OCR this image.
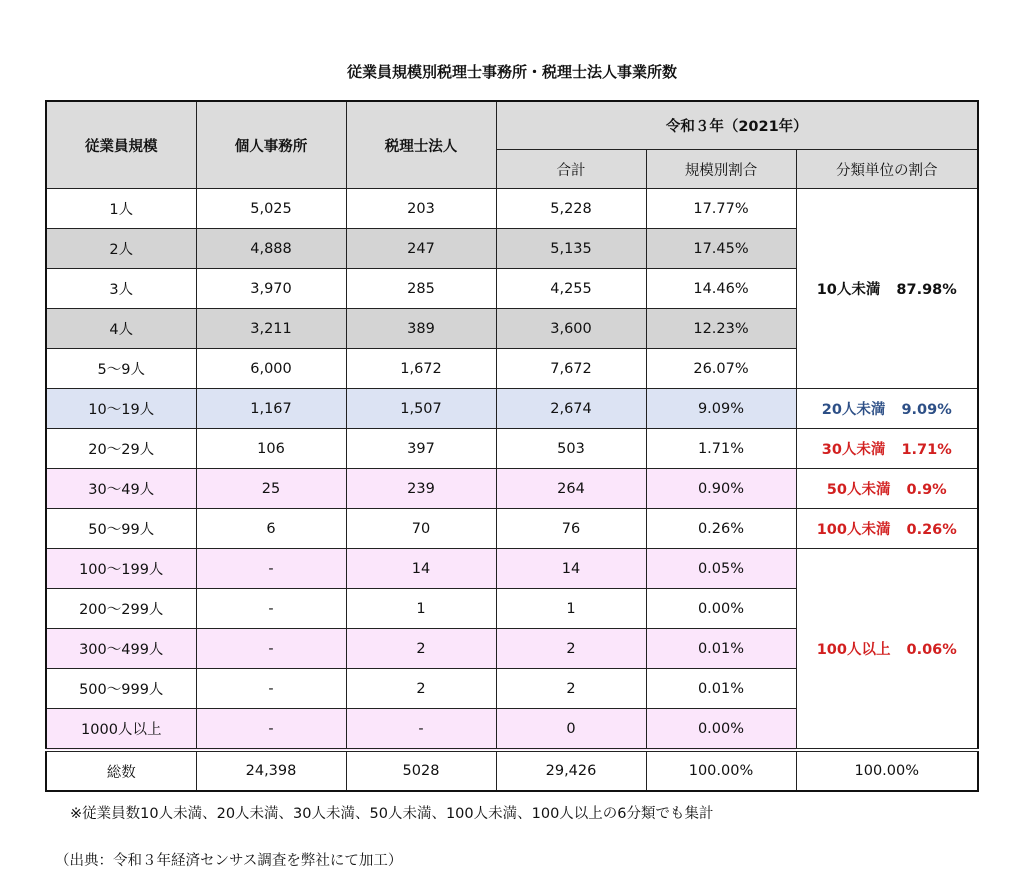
従業員規模別税理士事務所・税理士法人事業所数
従業員規模	個人事務所	税理士法人	令和３年（2021年）		
			合計	規模別割合	分類単位の割合
1人	5,025	203	5,228	17.77%	10人未満 87.98%
2人	4,888	247	5,135	17.45%	
3人	3,970	285	4,255	14.46%	
4人	3,211	389	3,600	12.23%	
5～9人	6,000	1,672	7,672	26.07%	
10～19人	1,167	1,507	2,674	9.09%	20人未満 9.09%
20～29人	106	397	503	1.71%	30人未満 1.71%
30～49人	25	239	264	0.90%	50人未満 0.9%
50～99人	6	70	76	0.26%	100人未満 0.26%
100～199人	-	14	14	0.05%	100人以上 0.06%
200～299人	-	1	1	0.00%	
300～499人	-	2	2	0.01%	
500～999人	-	2	2	0.01%	
1000人以上	-	-	0	0.00%	
総数	24,398	5028	29,426	100.00%	100.00%
※従業員数10人未満、20人未満、30人未満、50人未満、100人未満、100人以上の6分類でも集計
（出典：令和３年経済センサス調査を弊社にて加工）
